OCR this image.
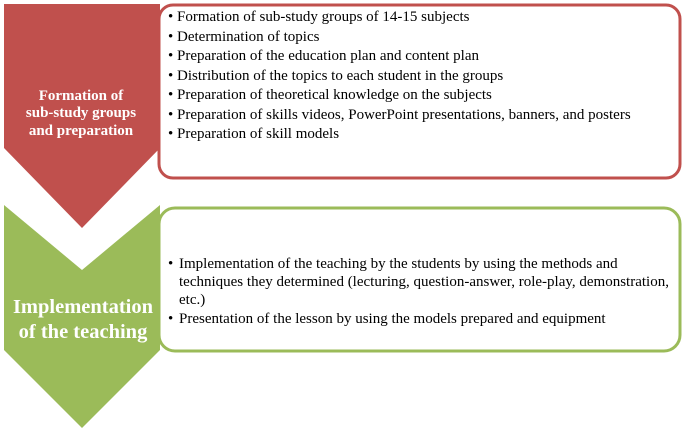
Formation of
sub-study groups
and preparation
Implementation
of the teaching
• Formation of sub-study groups of 14-15 subjects
• Determination of topics
• Preparation of the education plan and content plan
• Distribution of the topics to each student in the groups
• Preparation of theoretical knowledge on the subjects
• Preparation of skills videos, PowerPoint presentations, banners, and posters
• Preparation of skill models
• Implementation of the teaching by the students by using the methods and techniques they determined (lecturing, question-answer, role-play, demonstration, etc.)
• Presentation of the lesson by using the models prepared and equipment
